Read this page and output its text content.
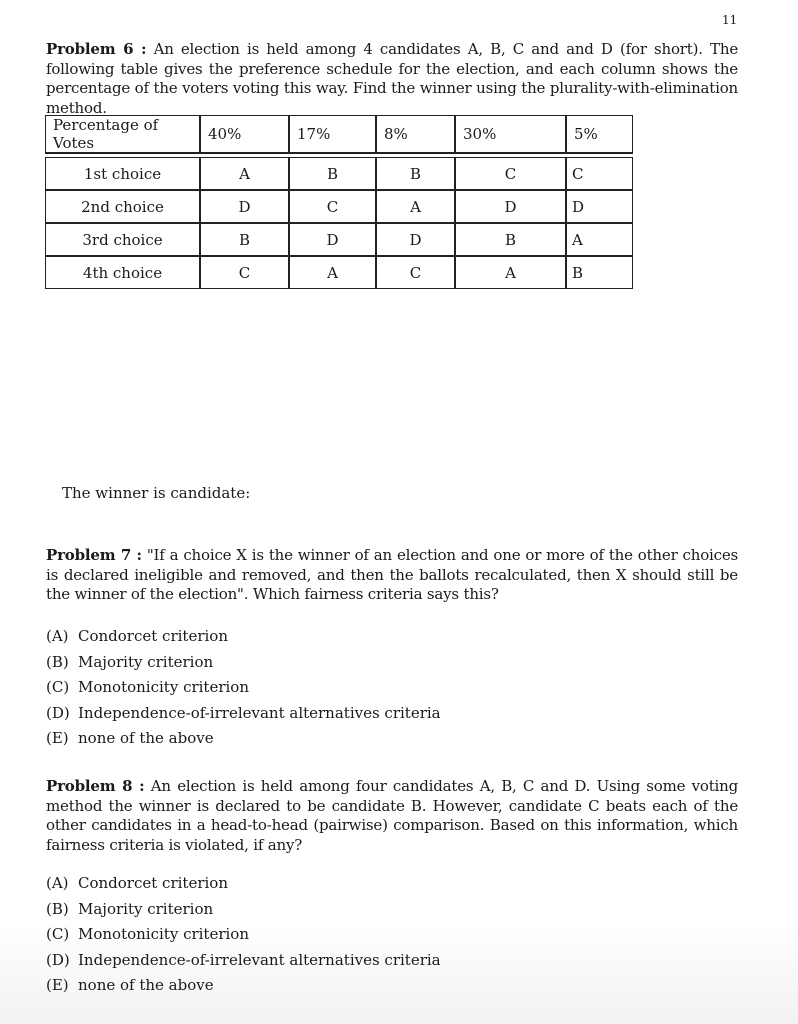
11
Problem 6 : An election is held among 4 candidates A, B, C and and D (for short). The following table gives the preference schedule for the election, and each column shows the percentage of the voters voting this way. Find the winner using the plurality-with-elimination method.
Percentage of Votes	40%	17%	8%	30%	5%

1st choice	A	B	B	C	C
2nd choice	D	C	A	D	D
3rd choice	B	D	D	B	A
4th choice	C	A	C	A	B
The winner is candidate:
Problem 7 : "If a choice X is the winner of an election and one or more of the other choices is declared ineligible and removed, and then the ballots recalculated, then X should still be the winner of the election". Which fairness criteria says this?
(A) Condorcet criterion
(B) Majority criterion
(C) Monotonicity criterion
(D) Independence-of-irrelevant alternatives criteria
(E) none of the above
Problem 8 : An election is held among four candidates A, B, C and D. Using some voting method the winner is declared to be candidate B. However, candidate C beats each of the other candidates in a head-to-head (pairwise) comparison. Based on this information, which fairness criteria is violated, if any?
(A) Condorcet criterion
(B) Majority criterion
(C) Monotonicity criterion
(D) Independence-of-irrelevant alternatives criteria
(E) none of the above
